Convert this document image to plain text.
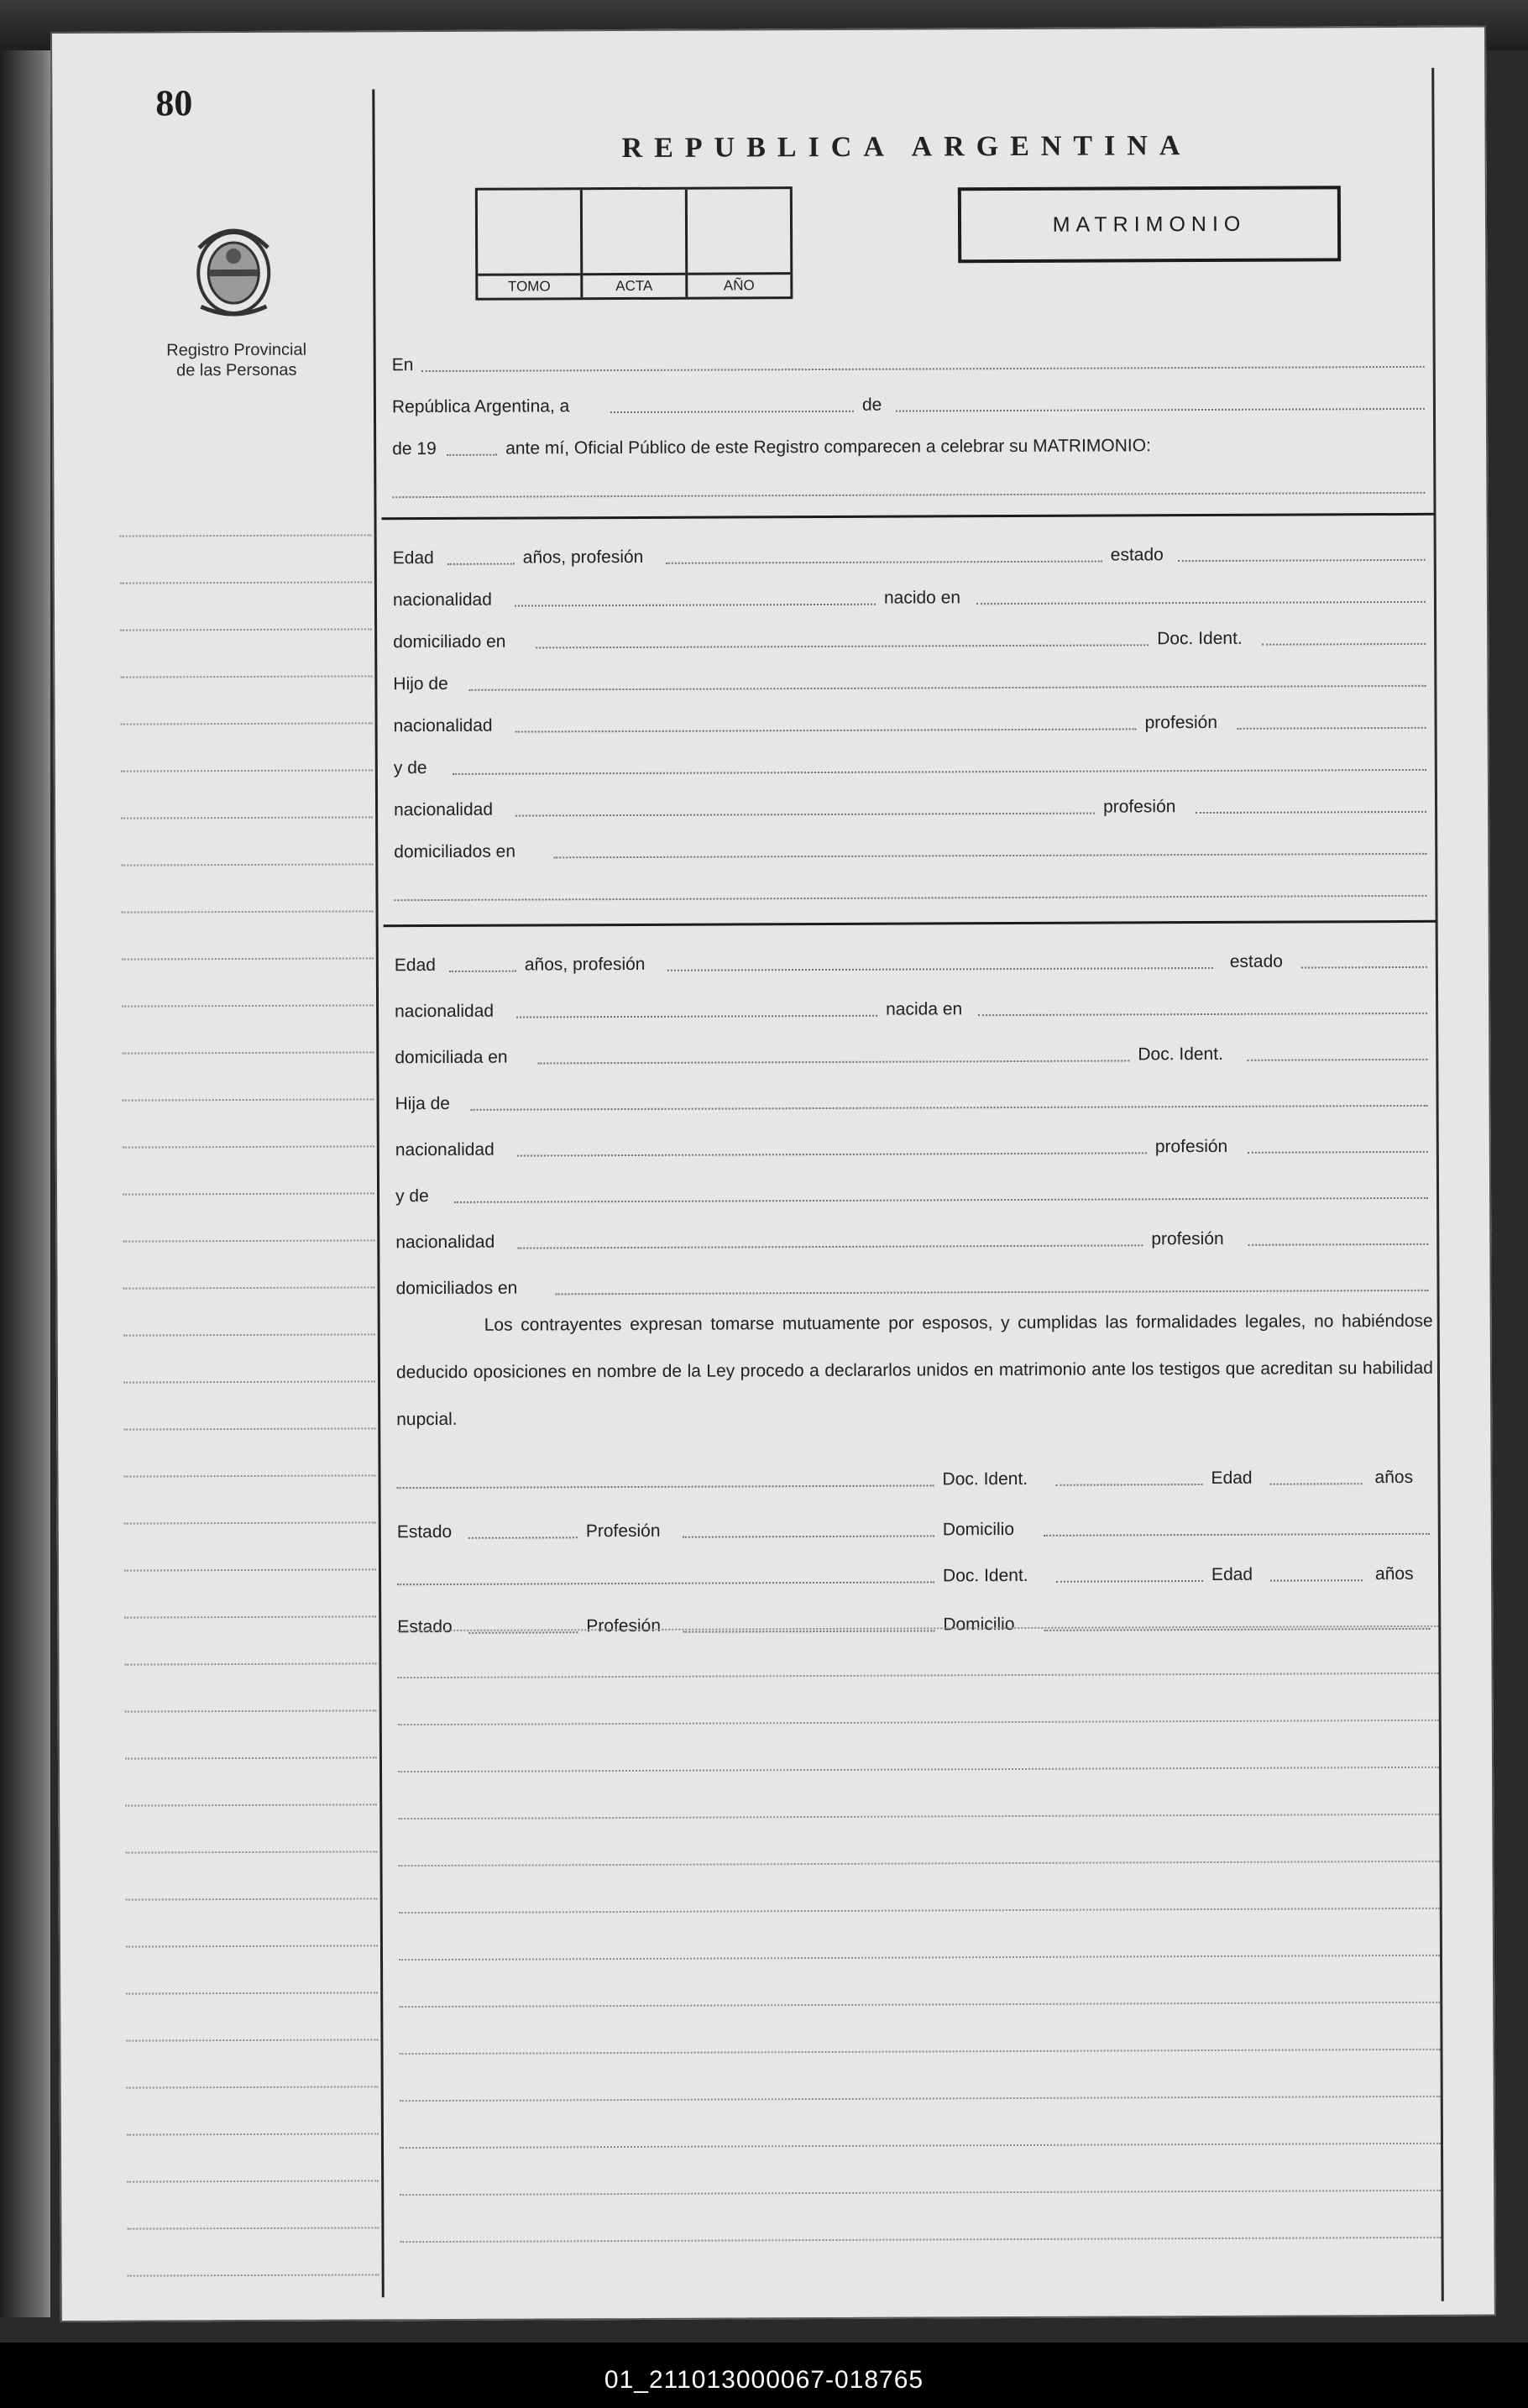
80
Registro Provincial
de las Personas
REPUBLICA ARGENTINA
TOMO	ACTA	AÑO
MATRIMONIO
En
República Argentina, a	de
de 19	ante mí, Oficial Público de este Registro comparecen a celebrar su MATRIMONIO:
Edad	años, profesión	estado
nacionalidad	nacido en
domiciliado en	Doc. Ident.
Hijo de
nacionalidad	profesión
y de
nacionalidad	profesión
domiciliados en
Edad	años, profesión	estado
nacionalidad	nacida en
domiciliada en	Doc. Ident.
Hija de
nacionalidad	profesión
y de
nacionalidad	profesión
domiciliados en
Los contrayentes expresan tomarse mutuamente por esposos, y cumplidas las formalidades legales, no habiéndose deducido oposiciones en nombre de la Ley procedo a declararlos unidos en matrimonio ante los testigos que acreditan su habilidad nupcial.
Doc. Ident.	Edad	años
Estado	Profesión	Domicilio
Doc. Ident.	Edad	años
Estado	Profesión	Domicilio
01_211013000067-018765
